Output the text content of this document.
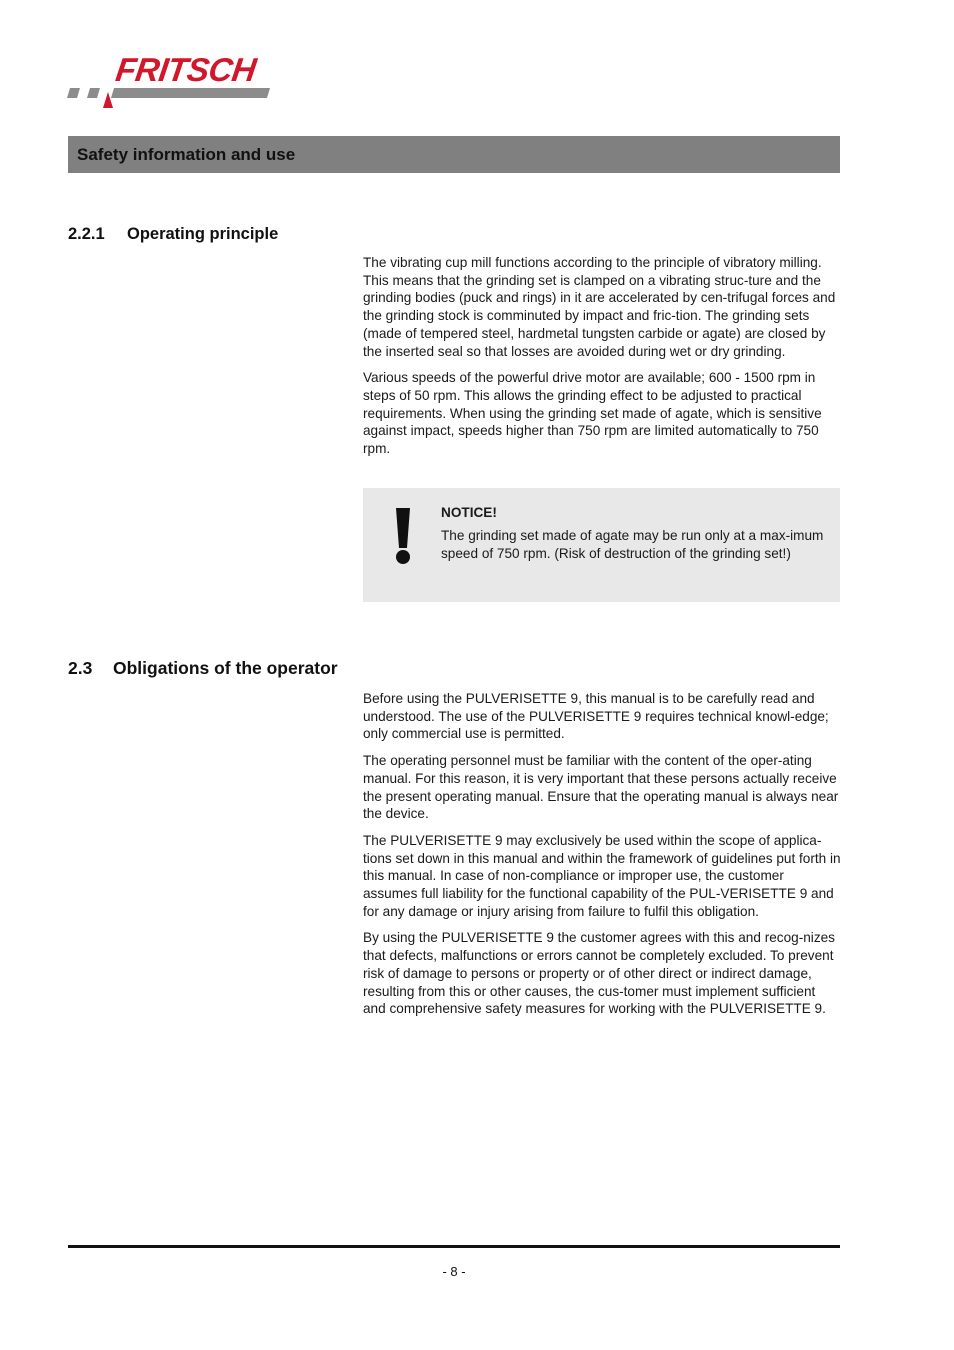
FRITSCH
Safety information and use
2.2.1 Operating principle

The vibrating cup mill functions according to the principle of vibratory milling. This means that the grinding set is clamped on a vibrating struc-ture and the grinding bodies (puck and rings) in it are accelerated by cen-trifugal forces and the grinding stock is comminuted by impact and fric-tion. The grinding sets (made of tempered steel, hardmetal tungsten carbide or agate) are closed by the inserted seal so that losses are avoided during wet or dry grinding.

Various speeds of the powerful drive motor are available; 600 - 1500 rpm in steps of 50 rpm. This allows the grinding effect to be adjusted to practical requirements. When using the grinding set made of agate, which is sensitive against impact, speeds higher than 750 rpm are limited automatically to 750 rpm.

NOTICE!

The grinding set made of agate may be run only at a max-imum speed of 750 rpm. (Risk of destruction of the grinding set!)

2.3 Obligations of the operator

Before using the PULVERISETTE 9, this manual is to be carefully read and understood. The use of the PULVERISETTE 9 requires technical knowl-edge; only commercial use is permitted.

The operating personnel must be familiar with the content of the oper-ating manual. For this reason, it is very important that these persons actually receive the present operating manual. Ensure that the operating manual is always near the device.

The PULVERISETTE 9 may exclusively be used within the scope of applica-tions set down in this manual and within the framework of guidelines put forth in this manual. In case of non-compliance or improper use, the customer assumes full liability for the functional capability of the PUL-VERISETTE 9 and for any damage or injury arising from failure to fulfil this obligation.

By using the PULVERISETTE 9 the customer agrees with this and recog-nizes that defects, malfunctions or errors cannot be completely excluded. To prevent risk of damage to persons or property or of other direct or indirect damage, resulting from this or other causes, the cus-tomer must implement sufficient and comprehensive safety measures for working with the PULVERISETTE 9.

- 8 -
